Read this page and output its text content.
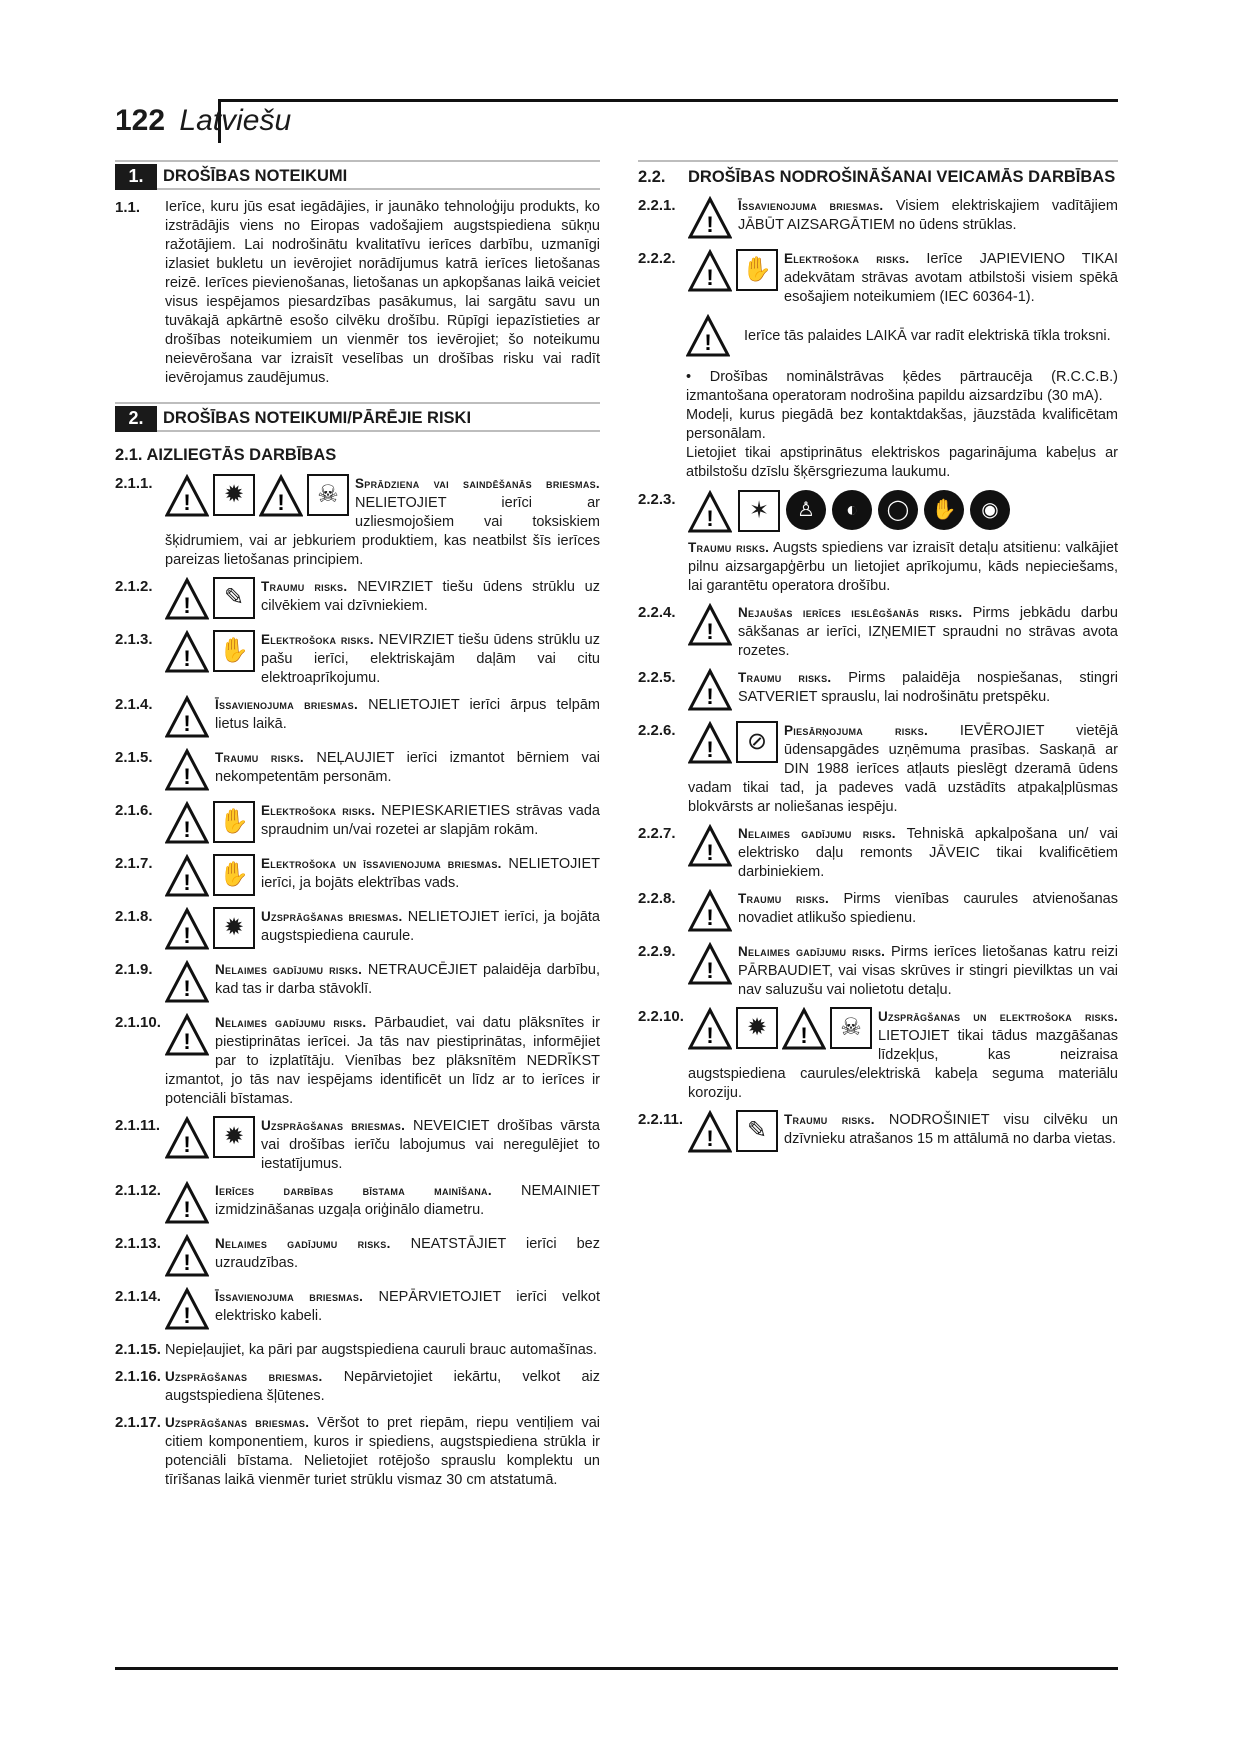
122 Latviešu
1.	DROŠĪBAS NOTEIKUMI
1.1.	Ierīce, kuru jūs esat iegādājies, ir jaunāko tehnoloģiju produkts, ko izstrādājis viens no Eiropas vadošajiem augstspiediena sūkņu ražotājiem. Lai nodrošinātu kvalitatīvu ierīces darbību, uzmanīgi izlasiet bukletu un ievērojiet norādījumus katrā ierīces lietošanas reizē. Ierīces pievienošanas, lietošanas un apkopšanas laikā veiciet visus iespējamos piesardzības pasākumus, lai sargātu savu un tuvākajā apkārtnē esošo cilvēku drošību. Rūpīgi iepazīstieties ar drošības noteikumiem un vienmēr tos ievērojiet; šo noteikumu neievērošana var izraisīt veselības un drošības risku vai radīt ievērojamus zaudējumus.
2.	DROŠĪBAS NOTEIKUMI/PĀRĒJIE RISKI
2.1. AIZLIEGTĀS DARBĪBAS
2.1.1.
!	✹	!	☠	Sprādziena vai saindēšanās briesmas. NELIETOJIET ierīci ar uzliesmojošiem vai toksiskiem šķidrumiem, vai ar jebkuriem produktiem, kas neatbilst šīs ierīces pareizas lietošanas principiem.
2.1.2.
!	✎	Traumu risks. NEVIRZIET tiešu ūdens strūklu uz cilvēkiem vai dzīvniekiem.
2.1.3.
! ✋ Elektrošoka risks. NEVIRZIET tiešu ūdens strūklu uz pašu ierīci, elektriskajām daļām vai citu elektroaprīkojumu.
2.1.4.
!
Īssavienojuma briesmas. NELIETOJIET ierīci ārpus telpām lietus laikā.
2.1.5.
!
Traumu risks. NEĻAUJIET ierīci izmantot bērniem vai nekompetentām personām.
2.1.6.
! ✋ Elektrošoka risks. NEPIESKARIETIES strāvas vada spraudnim un/vai rozetei ar slapjām rokām.
2.1.7.
! ✋ Elektrošoka un īssavienojuma briesmas. NELIETOJIET ierīci, ja bojāts elektrības vads.
2.1.8.
!	✹	Uzsprāgšanas briesmas. NELIETOJIET ierīci, ja bojāta augstspiediena caurule.
2.1.9.
!
Nelaimes gadījumu risks. NETRAUCĒJIET palaidēja darbību, kad tas ir darba stāvoklī.
2.1.10.
!
Nelaimes gadījumu risks. Pārbaudiet, vai datu plāksnītes ir piestiprinātas ierīcei. Ja tās nav piestiprinātas, informējiet par to izplatītāju. Vienības bez plāksnītēm NEDRĪKST izmantot, jo tās nav iespējams identificēt un līdz ar to ierīces ir potenciāli bīstamas.
2.1.11.
!	✹	Uzsprāgšanas briesmas. NEVEICIET drošības vārsta vai drošības ierīču labojumus vai neregulējiet to iestatījumus.
2.1.12.
!
Ierīces darbības bīstama mainīšana. NEMAINIET izmidzināšanas uzgaļa oriģinālo diametru.
2.1.13.
!
Nelaimes gadījumu risks. NEATSTĀJIET ierīci bez uzraudzības.
2.1.14.
!
Īssavienojuma briesmas. NEPĀRVIETOJIET ierīci velkot elektrisko kabeli.
2.1.15. Nepieļaujiet, ka pāri par augstspiediena cauruli brauc automašīnas.
2.1.16. Uzsprāgšanas briesmas. Nepārvietojiet iekārtu, velkot aiz augstspiediena šļūtenes.
2.1.17. Uzsprāgšanas briesmas. Vēršot to pret riepām, riepu ventiļiem vai citiem komponentiem, kuros ir spiediens, augstspiediena strūkla ir potenciāli bīstama. Nelietojiet rotējošo sprauslu komplektu un tīrīšanas laikā vienmēr turiet strūklu vismaz 30 cm atstatumā.
2.2.	DROŠĪBAS NODROŠINĀŠANAI VEICAMĀS DARBĪBAS
2.2.1.
!
Īssavienojuma briesmas. Visiem elektriskajiem vadītājiem JĀBŪT AIZSARGĀTIEM no ūdens strūklas.
2.2.2.
! ✋ Elektrošoka risks. Ierīce JAPIEVIENO TIKAI adekvātam strāvas avotam atbilstoši visiem spēkā esošajiem noteikumiem (IEC 60364-1).
! Ierīce tās palaides LAIKĀ var radīt elektriskā tīkla troksni.
• Drošības nominālstrāvas ķēdes pārtraucēja (R.C.C.B.) izmantošana operatoram nodrošina papildu aizsardzību (30 mA).
Modeļi, kurus piegādā bez kontaktdakšas, jāuzstāda kvalificētam personālam.
Lietojiet tikai apstiprinātus elektriskos pagarinājuma kabeļus ar atbilstošu dzīslu šķērsgriezuma laukumu.
2.2.3.
!	✶	♙	◐	◯	✋	◉
Traumu risks. Augsts spiediens var izraisīt detaļu atsitienu: valkājiet pilnu aizsargapģērbu un lietojiet aprīkojumu, kāds nepieciešams, lai garantētu operatora drošību.
2.2.4.
!
Nejaušas ierīces ieslēgšanās risks. Pirms jebkādu darbu sākšanas ar ierīci, IZŅEMIET spraudni no strāvas avota rozetes.
2.2.5.
!
Traumu risks. Pirms palaidēja nospiešanas, stingri SATVERIET sprauslu, lai nodrošinātu pretspēku.
2.2.6.
!	⊘	Piesārņojuma risks. IEVĒROJIET vietējā ūdensapgādes uzņēmuma prasības. Saskaņā ar DIN 1988 ierīces atļauts pieslēgt dzeramā ūdens vadam tikai tad, ja padeves vadā uzstādīts atpakaļplūsmas blokvārsts ar noliešanas iespēju.
2.2.7.
!
Nelaimes gadījumu risks. Tehniskā apkalpošana un/ vai elektrisko daļu remonts JĀVEIC tikai kvalificētiem darbiniekiem.
2.2.8.
!
Traumu risks. Pirms vienības caurules atvienošanas novadiet atlikušo spiedienu.
2.2.9.
!
Nelaimes gadījumu risks. Pirms ierīces lietošanas katru reizi PĀRBAUDIET, vai visas skrūves ir stingri pievilktas un vai nav saluzušu vai nolietotu detaļu.
2.2.10.
!	✹	!	☠	Uzsprāgšanas un elektrošoka risks. LIETOJIET tikai tādus mazgāšanas līdzekļus, kas neizraisa augstspiediena caurules/elektriskā kabeļa seguma materiālu koroziju.
2.2.11.
!	✎	Traumu risks. NODROŠINIET visu cilvēku un dzīvnieku atrašanos 15 m attālumā no darba vietas.
